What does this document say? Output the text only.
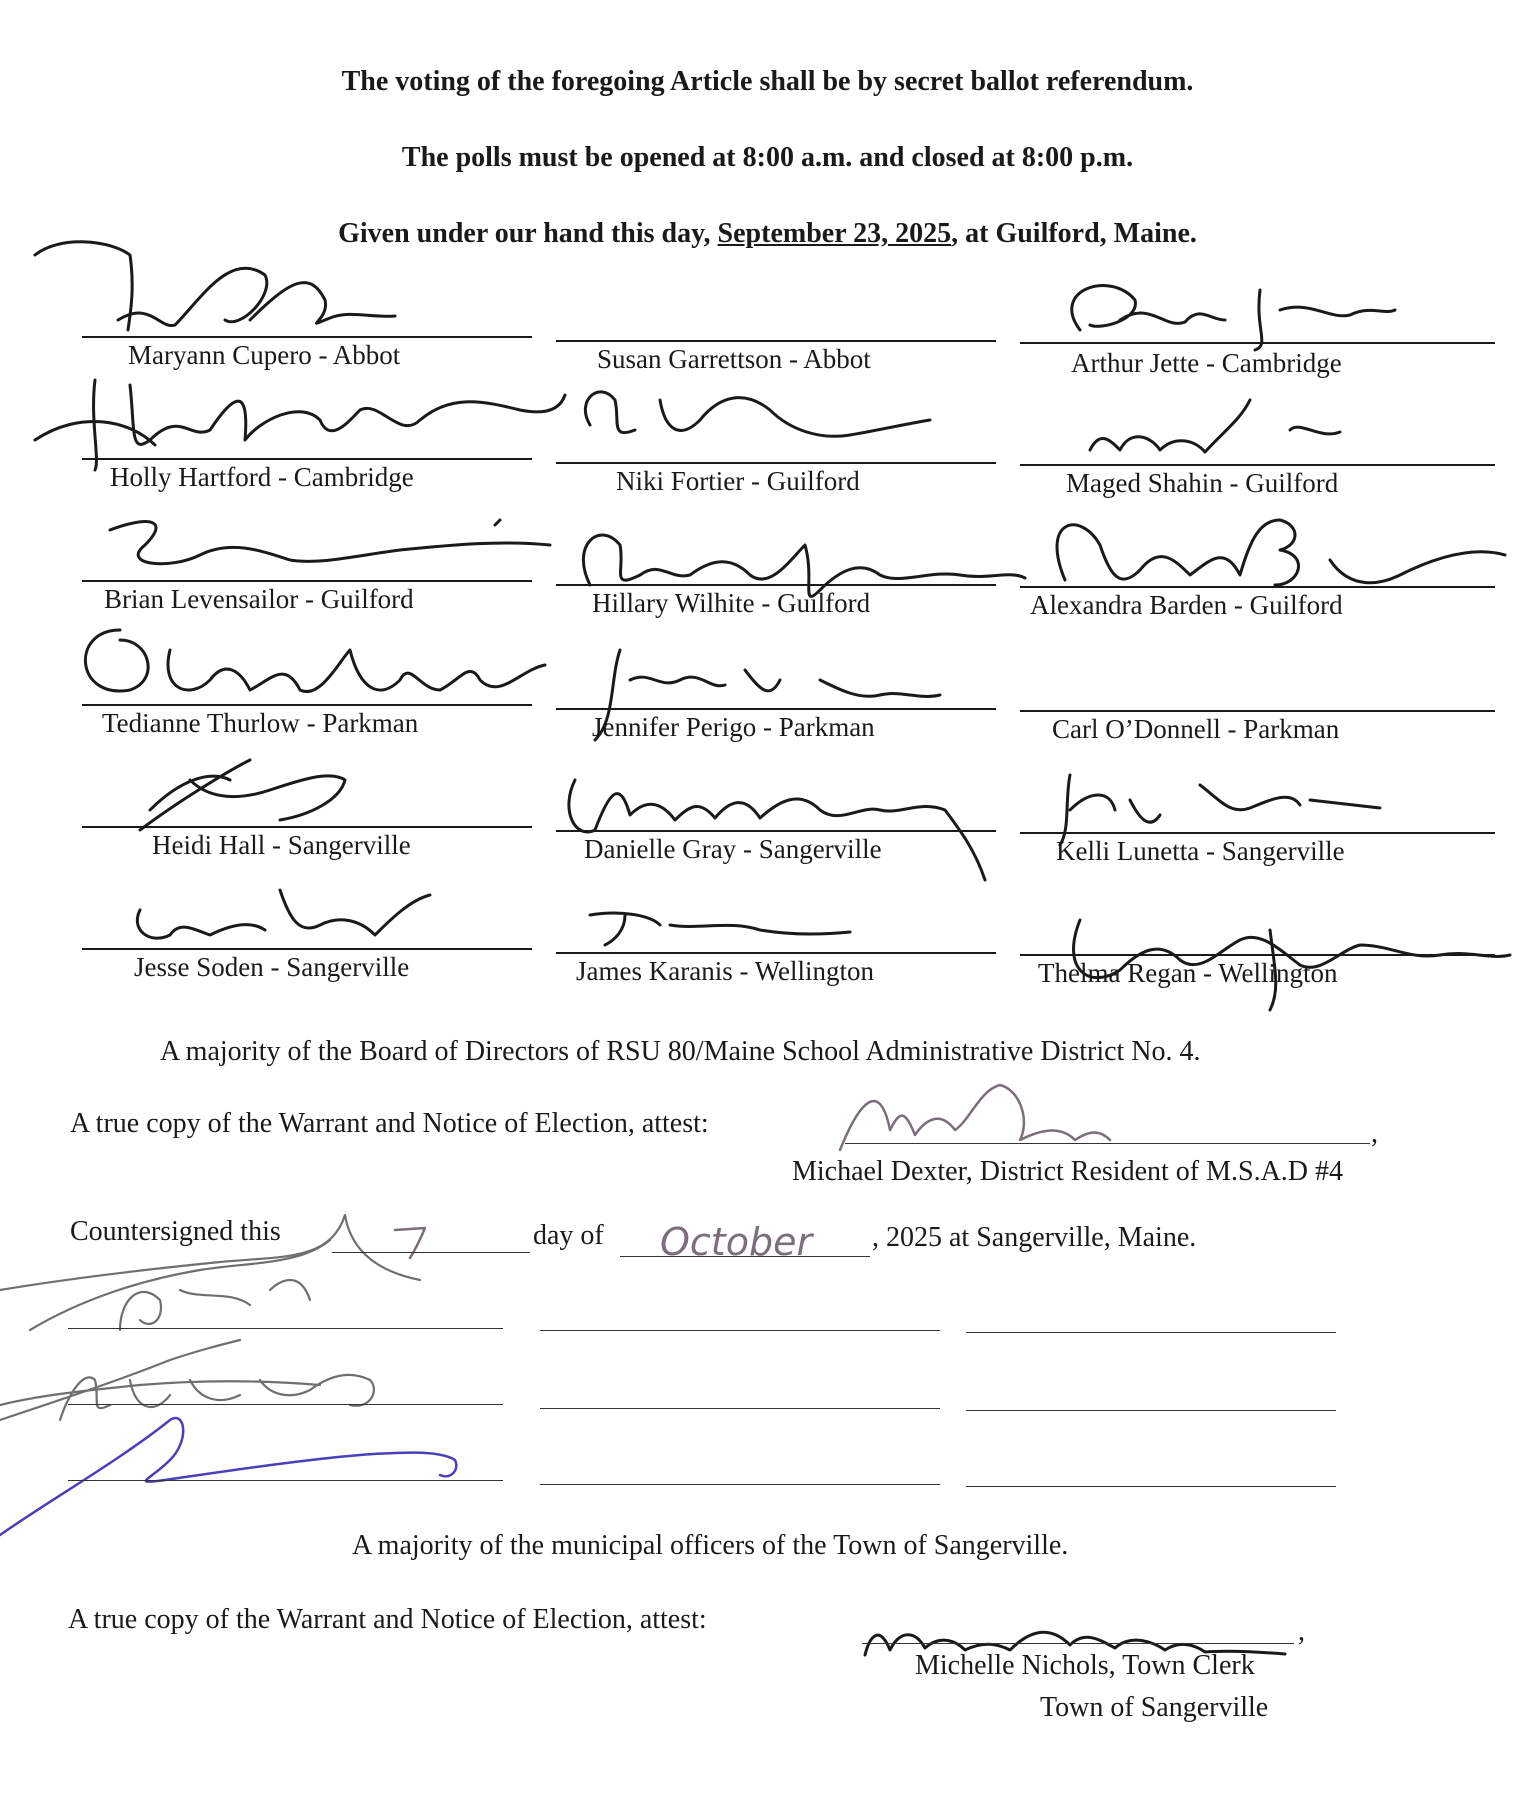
The voting of the foregoing Article shall be by secret ballot referendum.
The polls must be opened at 8:00 a.m. and closed at 8:00 p.m.
Given under our hand this day, September 23, 2025, at Guilford, Maine.
Maryann Cupero - Abbot	Susan Garrettson - Abbot	Arthur Jette - Cambridge
Holly Hartford - Cambridge	Niki Fortier - Guilford	Maged Shahin - Guilford
Brian Levensailor - Guilford	Hillary Wilhite - Guilford	Alexandra Barden - Guilford
Tedianne Thurlow - Parkman	Jennifer Perigo - Parkman	Carl O’Donnell - Parkman
Heidi Hall - Sangerville	Danielle Gray - Sangerville	Kelli Lunetta - Sangerville
Jesse Soden - Sangerville	James Karanis - Wellington	Thelma Regan - Wellington
October
A majority of the Board of Directors of RSU 80/Maine School Administrative District No. 4.
A true copy of the Warrant and Notice of Election, attest:	,
Michael Dexter, District Resident of M.S.A.D #4
Countersigned this	day of	, 2025 at Sangerville, Maine.
A majority of the municipal officers of the Town of Sangerville.
A true copy of the Warrant and Notice of Election, attest:	,
Michelle Nichols, Town Clerk
Town of Sangerville
